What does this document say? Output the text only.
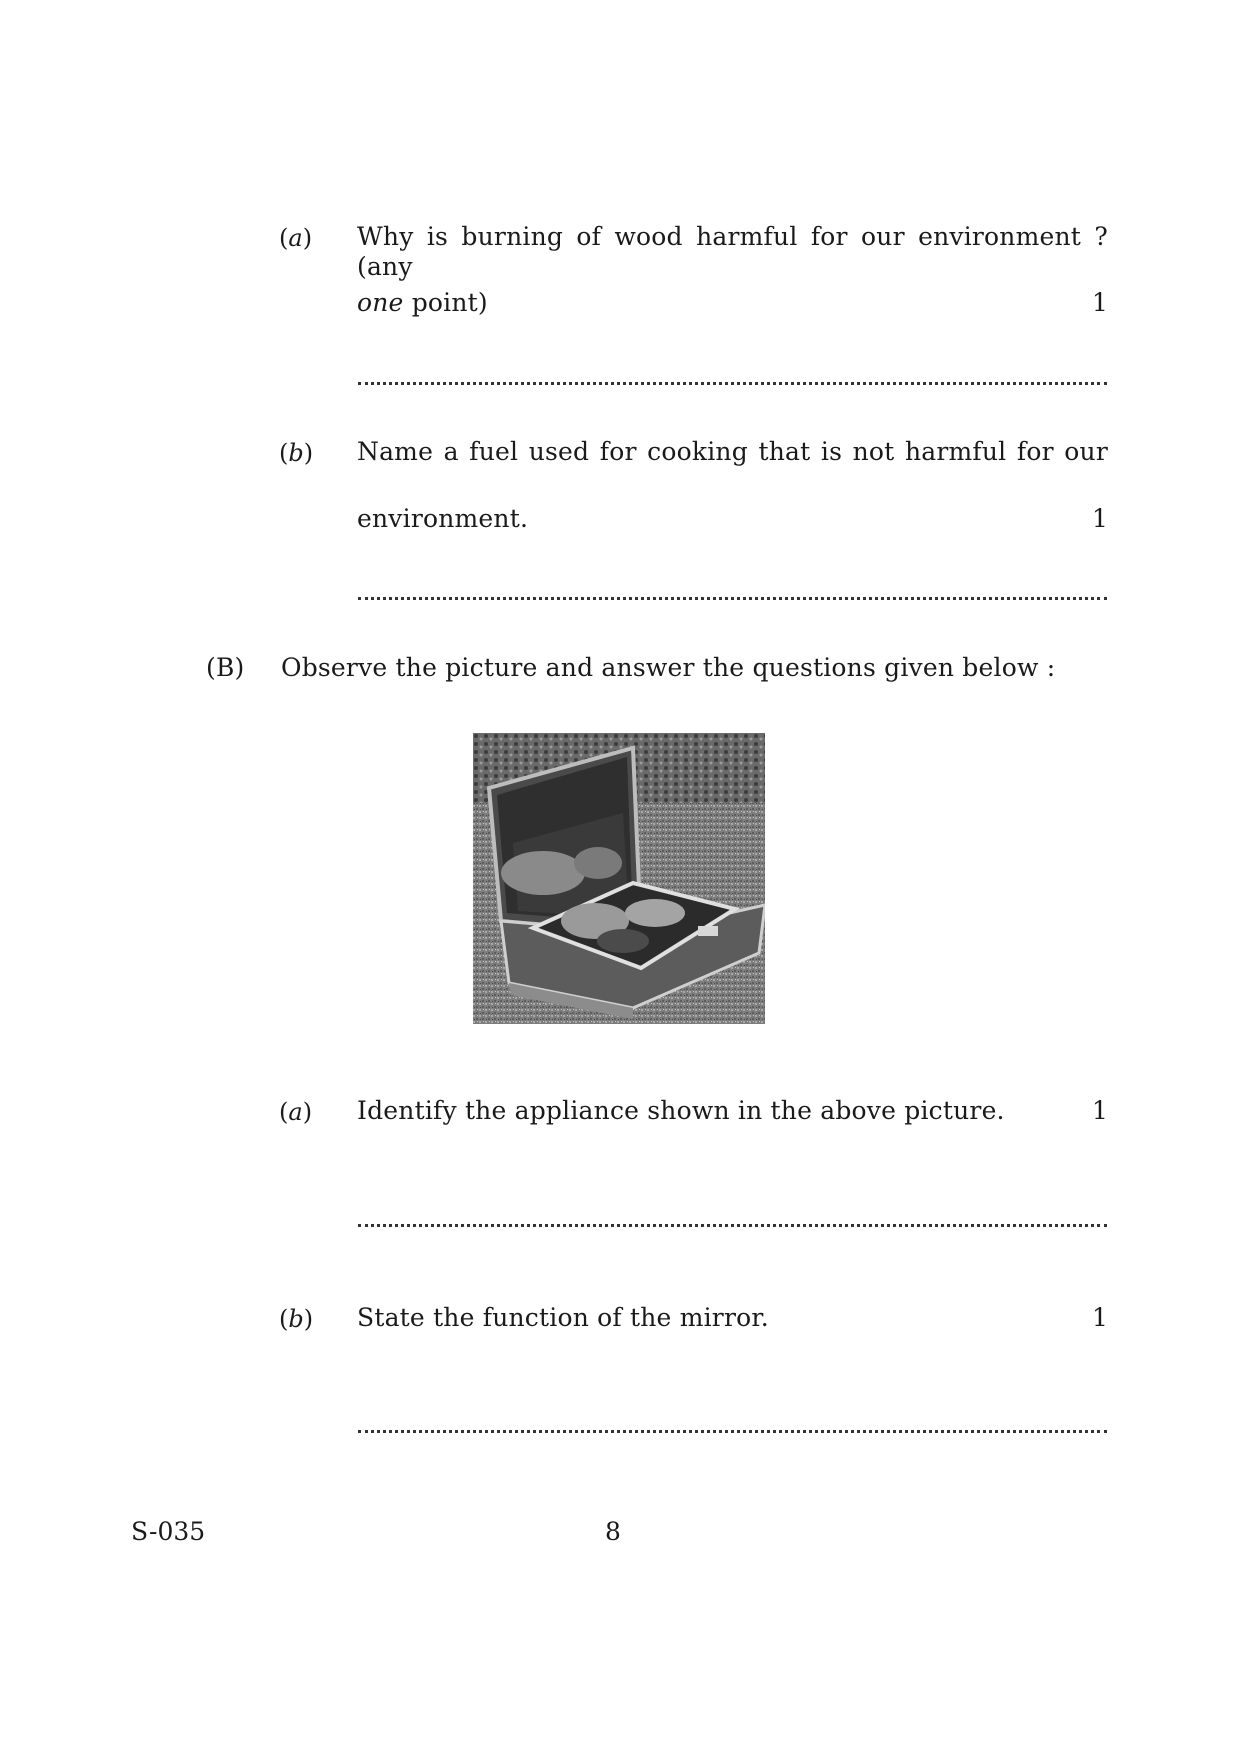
(a) Why is burning of wood harmful for our environment ? (any
one point)	1
(b) Name a fuel used for cooking that is not harmful for our
environment.	1
(B) Observe the picture and answer the questions given below :
(a) Identify the appliance shown in the above picture.	1
(b) State the function of the mirror.	1
S-035	8
